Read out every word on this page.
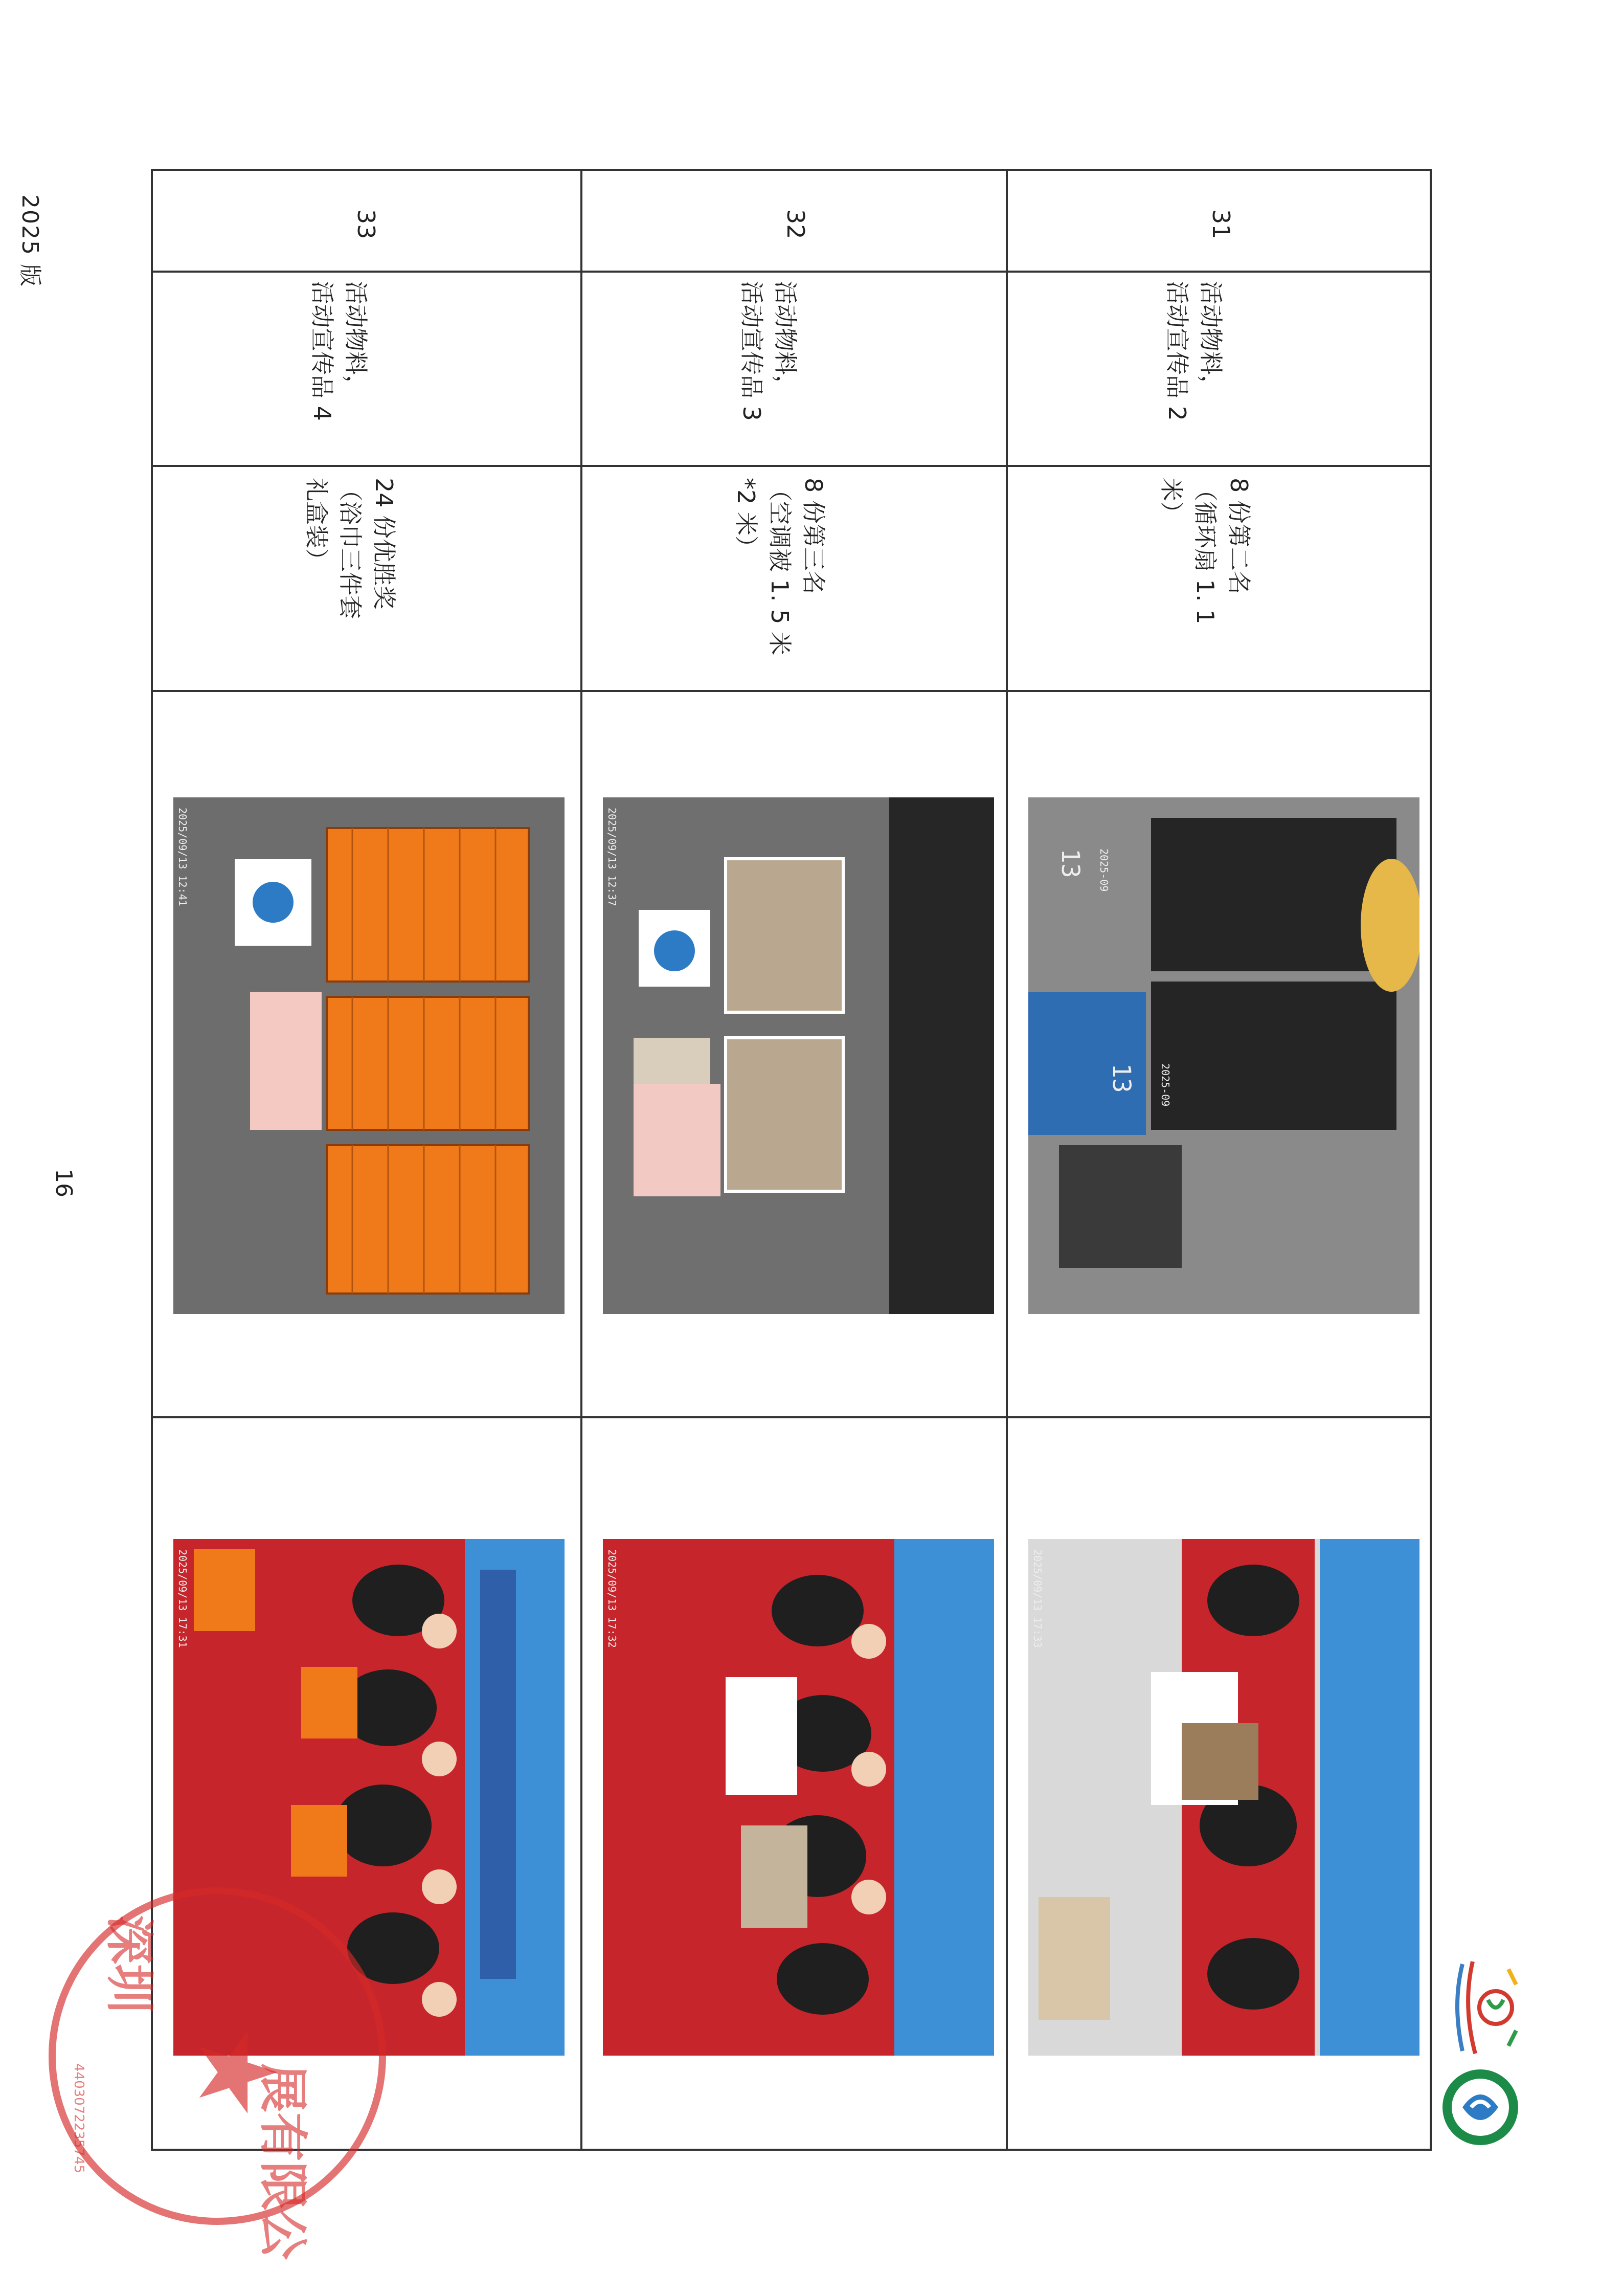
2025 版
16
33
活动物料，
活动宣传品 4
24 份优胜奖
（浴巾三件套
礼盒装）
2025/09/13 12:41
2025/09/13 17:31
32
活动物料，
活动宣传品 3
8 份第三名
（空调被 1. 5 米
*2 米）
2025/09/13 12:37
2025/09/13 17:32
31
活动物料，
活动宣传品 2
8 份第二名
（循环扇 1. 1
米）
13 2025-09
13 2025-09
2025/09/13 17:33
★
深圳
展有限公
4403072235745
